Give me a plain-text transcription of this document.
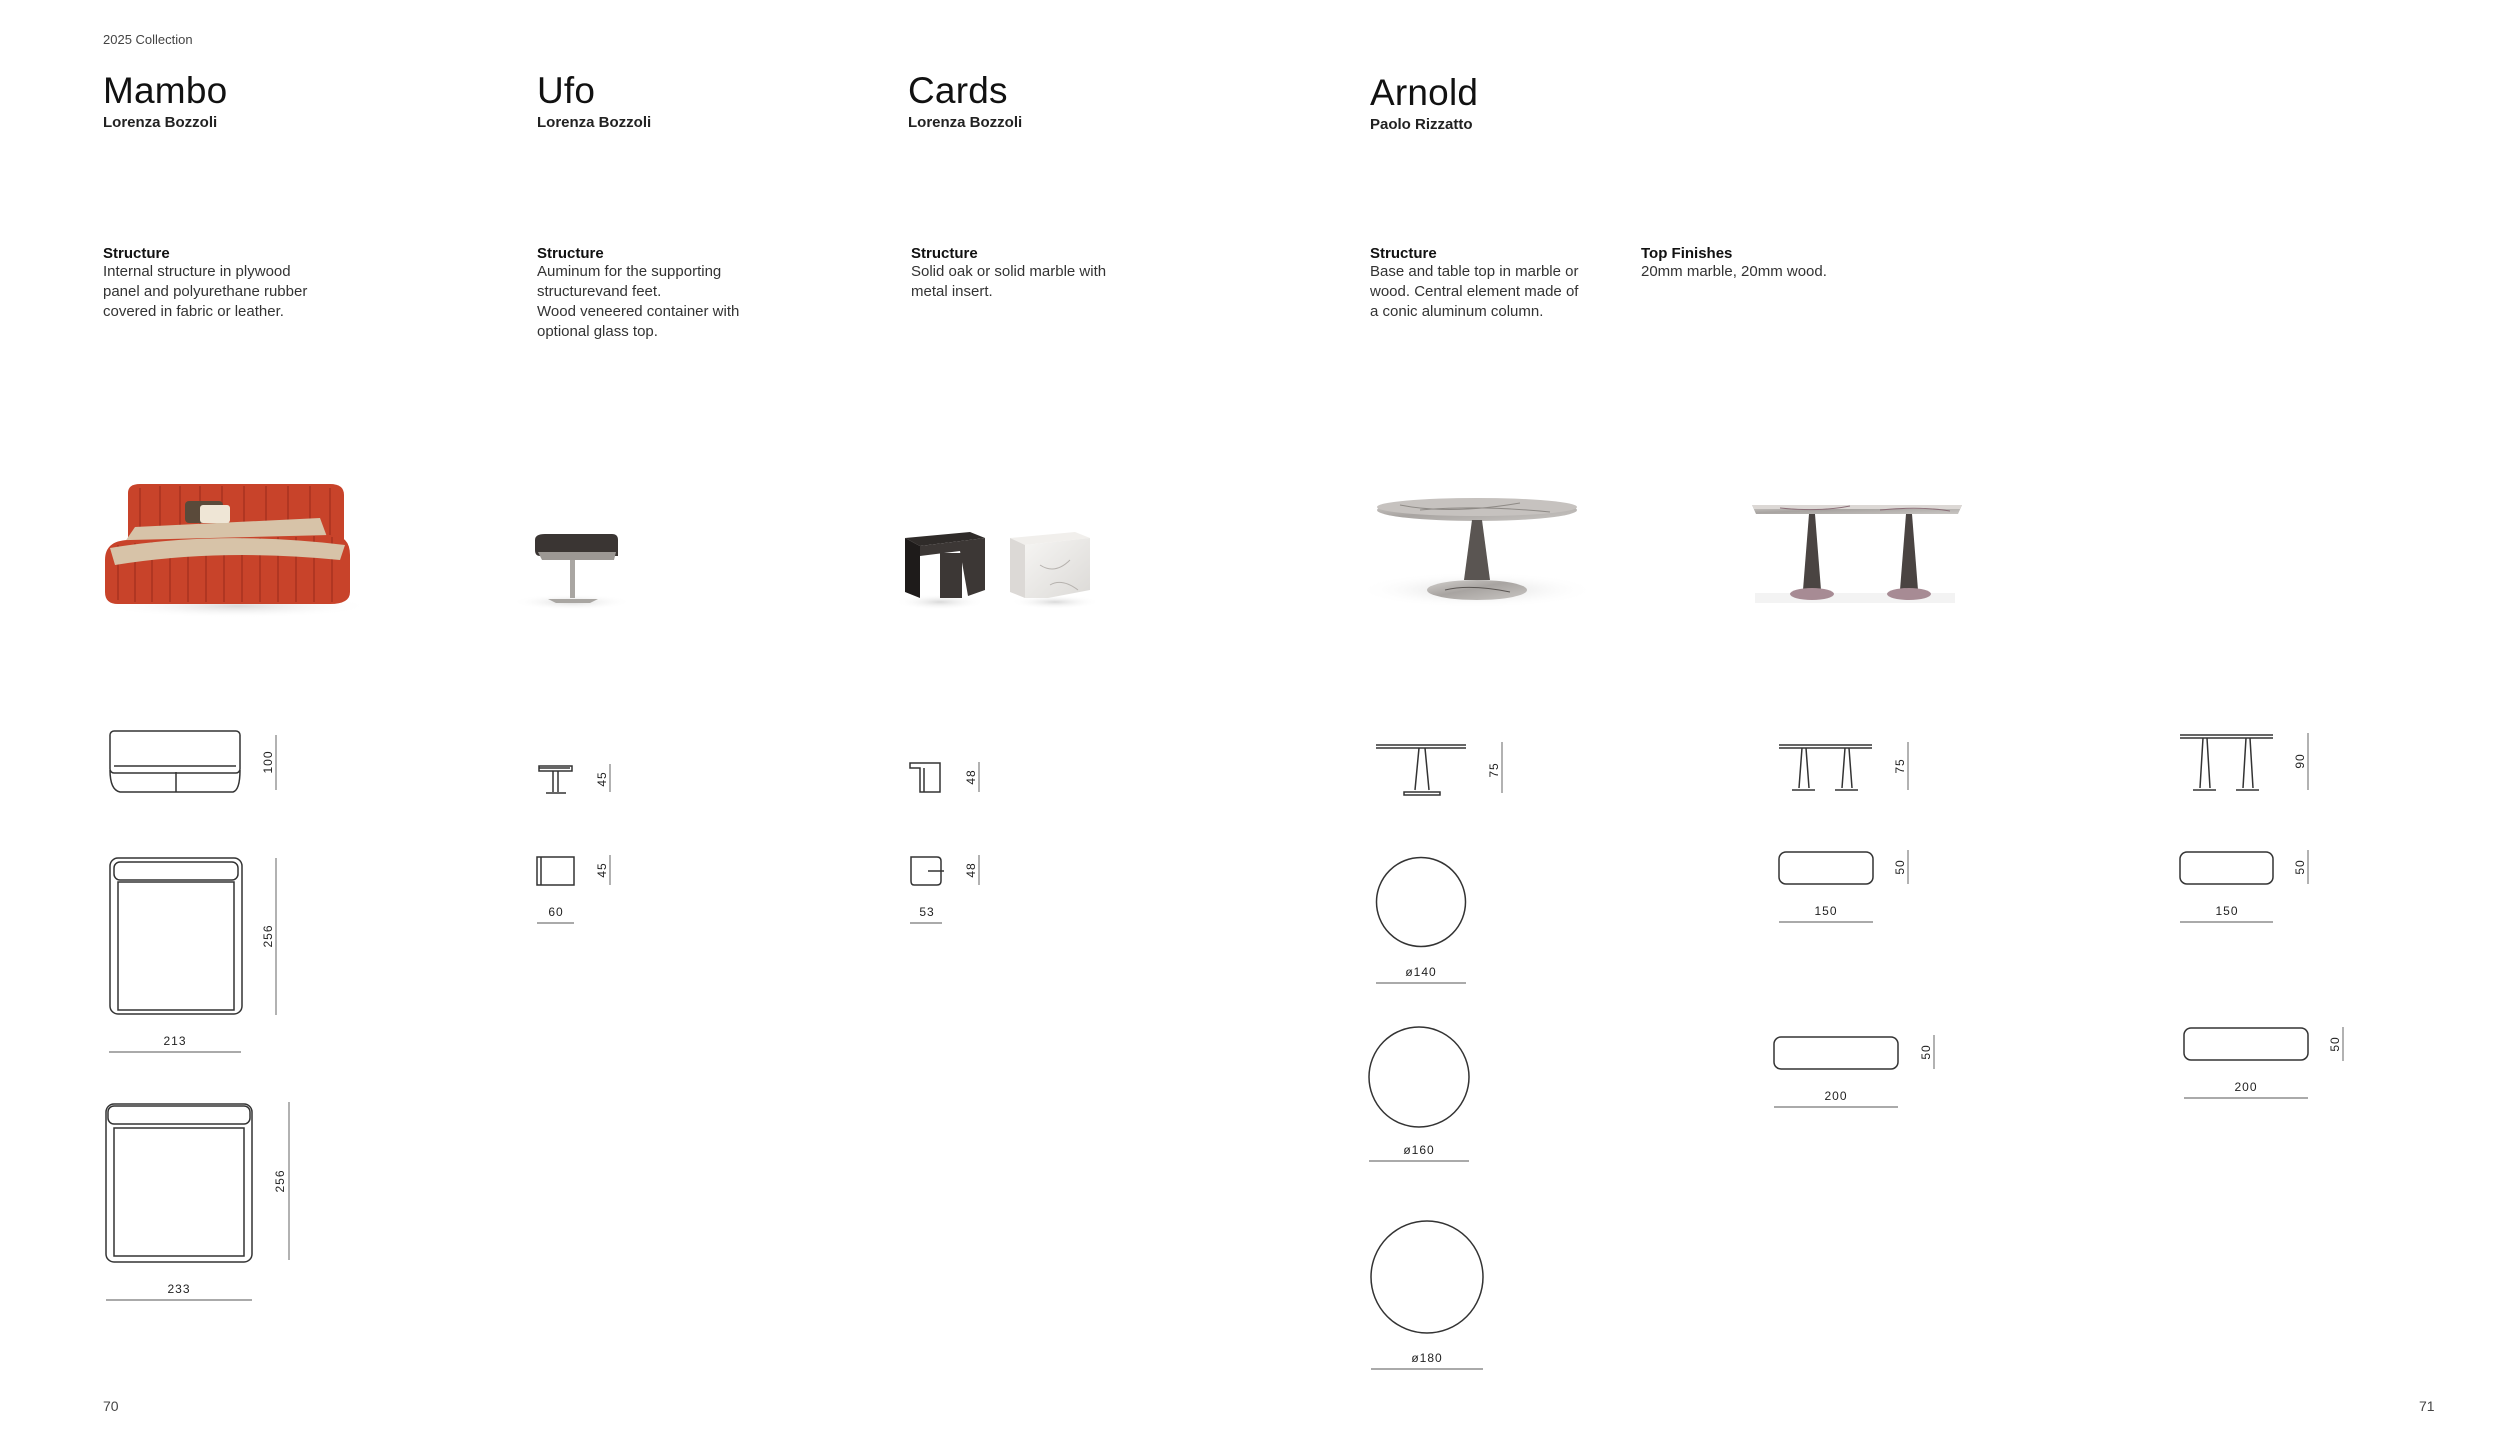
2025 Collection
Mambo
Lorenza Bozzoli
Ufo
Lorenza Bozzoli
Cards
Lorenza Bozzoli
Arnold
Paolo Rizzatto
Structure
Internal structure in plywood
panel and polyurethane rubber
covered in fabric or leather.
Structure
Auminum for the supporting
structurevand feet.
Wood veneered container with
optional glass top.
Structure
Solid oak or solid marble with
metal insert.
Structure
Base and table top in marble or
wood. Central element made of
a conic aluminum column.
Top Finishes
20mm marble, 20mm wood.
100
256
213
256
233
45
45
60
48
48
53
75
ø140
ø160
ø180
75
50
150
50
200
90
50
150
50
200
70	71
